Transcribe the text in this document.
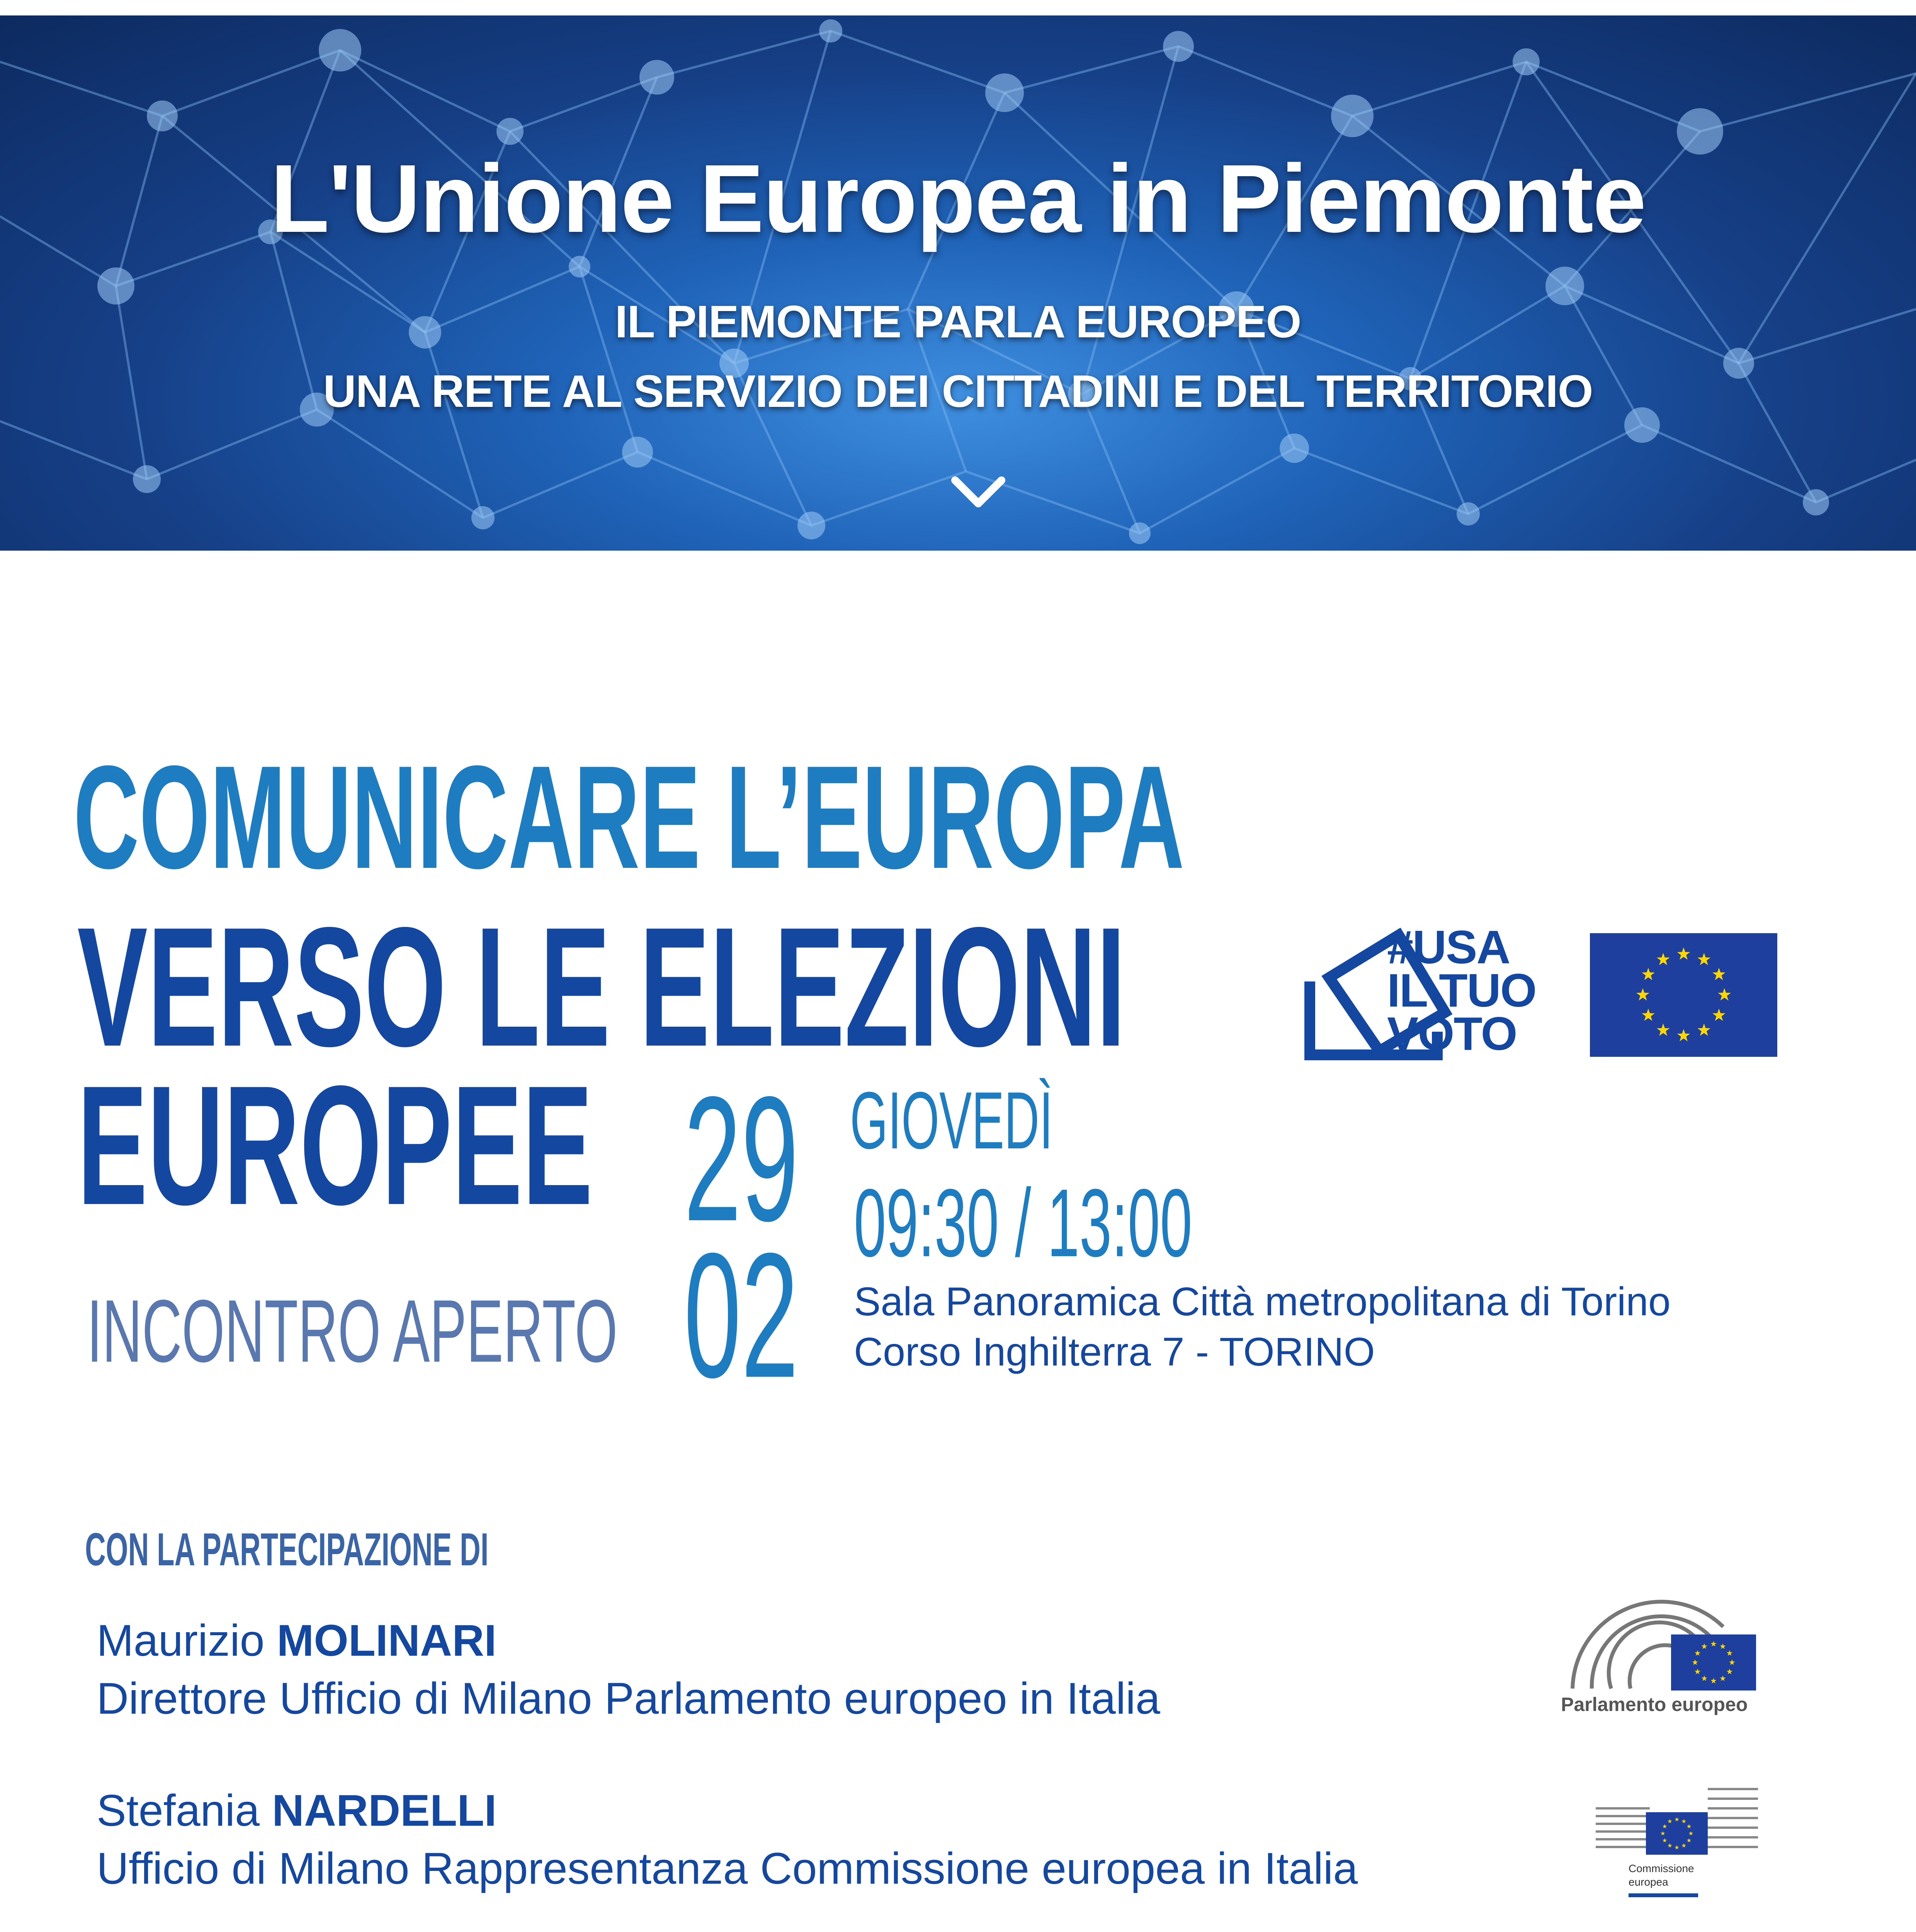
L'Unione Europea in Piemonte
IL PIEMONTE PARLA EUROPEO
UNA RETE AL SERVIZIO DEI CITTADINI E DEL TERRITORIO
COMUNICARE L’EUROPA
VERSO LE ELEZIONI
EUROPEE
INCONTRO APERTO
29
02
GIOVEDÌ
09:30 / 13:00
Sala Panoramica Città metropolitana di Torino
Corso Inghilterra 7 - TORINO
#USA
IL TUO
VOTO
CON LA PARTECIPAZIONE DI
Maurizio MOLINARI
Direttore Ufficio di Milano Parlamento europeo in Italia
Stefania NARDELLI
Ufficio di Milano Rappresentanza Commissione europea in Italia
Parlamento europeo
Commissione
europea
